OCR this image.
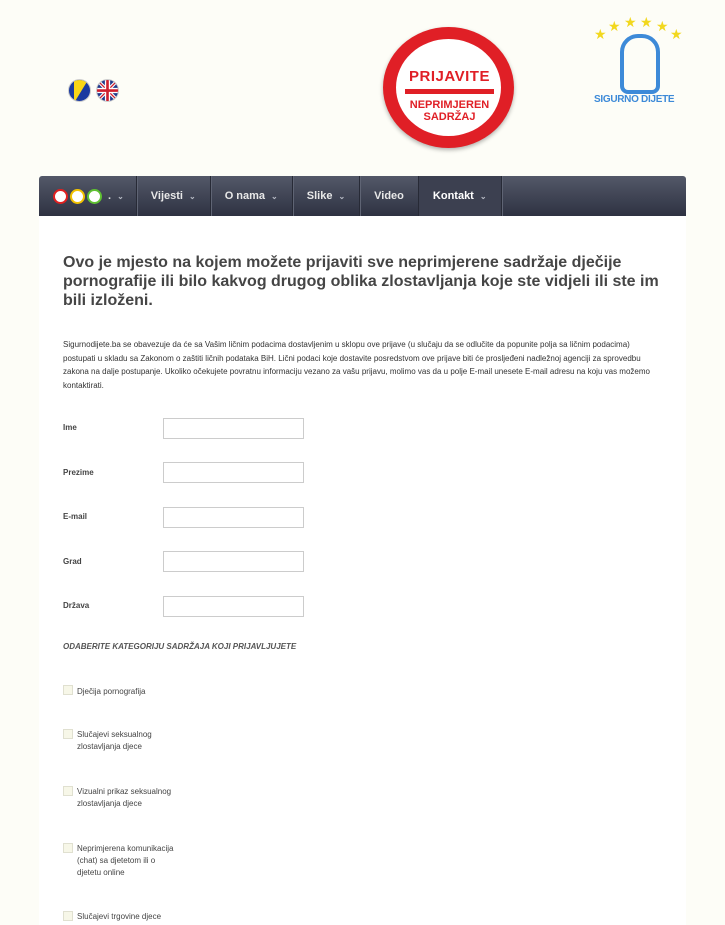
PRIJAVITE
NEPRIMJEREN
SADRŽAJ
★ ★ ★ ★ ★ ★
SIGURNO DIJETE
. ⌄ Vijesti ⌄	O nama ⌄	Slike ⌄	Video	Kontakt ⌄
Ovo je mjesto na kojem možete prijaviti sve neprimjerene sadržaje dječije pornografije ili bilo kakvog drugog oblika zlostavljanja koje ste vidjeli ili ste im bili izloženi.

Sigurnodijete.ba se obavezuje da će sa Vašim ličnim podacima dostavljenim u sklopu ove prijave (u slučaju da se odlučite da popunite polja sa ličnim podacima) postupati u skladu sa Zakonom o zaštiti ličnih podataka BiH. Lični podaci koje dostavite posredstvom ove prijave biti će prosljeđeni nadležnoj agenciji za sprovedbu zakona na dalje postupanje. Ukoliko očekujete povratnu informaciju vezano za vašu prijavu, molimo vas da u polje E-mail unesete E-mail adresu na koju vas možemo kontaktirati.

Ime
Prezime
E-mail
Grad
Država
ODABERITE KATEGORIJU SADRŽAJA KOJI PRIJAVLJUJETE
Dječija pornografija
Slučajevi seksualnog zlostavljanja djece
Vizualni prikaz seksualnog zlostavljanja djece
Neprimjerena komunikacija (chat) sa djetetom ili o djetetu online
Slučajevi trgovine djece
